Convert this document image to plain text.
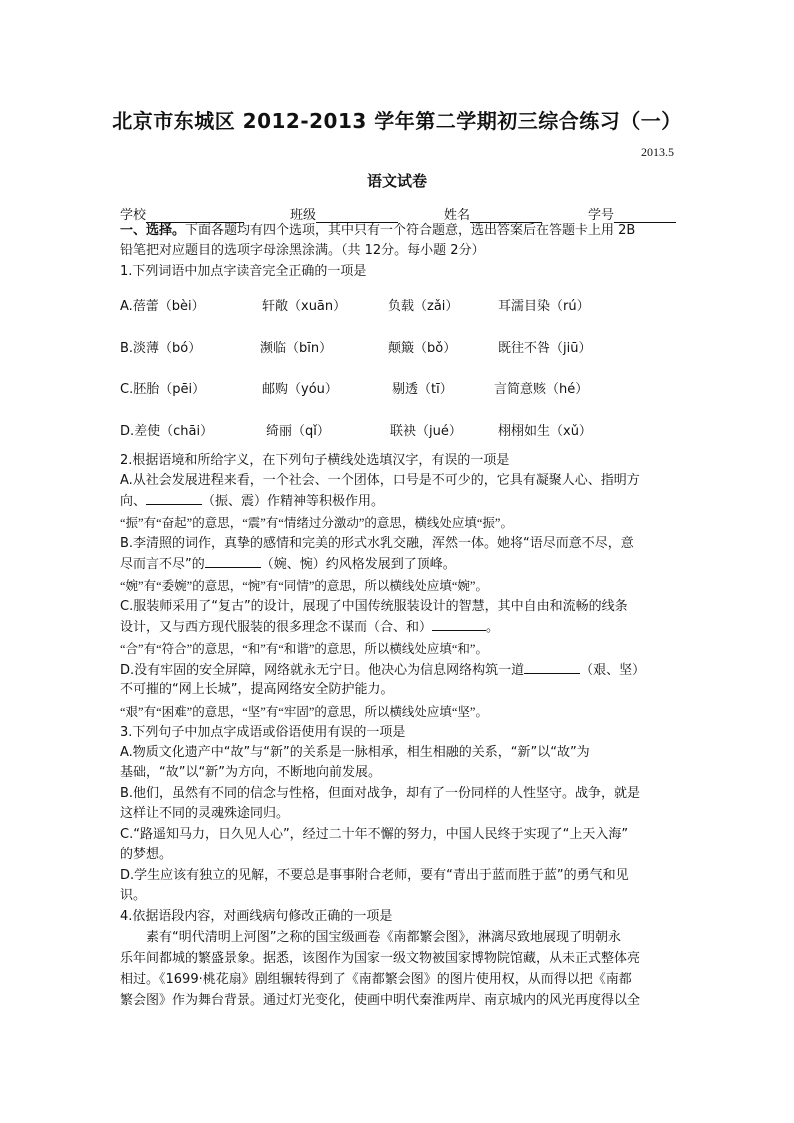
北京市东城区 2012-2013 学年第二学期初三综合练习（一）
2013.5
语文试卷
学校	班级	姓名	学号
一、选择。下面各题均有四个选项，其中只有一个符合题意，选出答案后在答题卡上用 2B
铅笔把对应题目的选项字母涂黑涂满。（共 12分。每小题 2分）
1.下列词语中加点字读音完全正确的一项是
A.蓓蕾（bèi）	轩敞（xuān）	负载（zǎi）	耳濡目染（rú）
B.淡薄（bó）	濒临（bīn）	颠簸（bǒ）	既往不咎（jiū）
C.胚胎（pēi）	邮购（yóu）	剔透（tī）	言简意赅（hé）
D.差使（chāi）	绮丽（qǐ）	联袂（jué）	栩栩如生（xǔ）
2.根据语境和所给字义，在下列句子横线处选填汉字，有误的一项是
A.从社会发展进程来看，一个社会、一个团体，口号是不可少的，它具有凝聚人心、指明方
向、	（振、震）作精神等积极作用。
“振”有“奋起”的意思，“震”有“情绪过分激动”的意思，横线处应填“振”。
B.李清照的词作，真挚的感情和完美的形式水乳交融，浑然一体。她将“语尽而意不尽，意
尽而言不尽”的	（婉、惋）约风格发展到了顶峰。
“婉”有“委婉”的意思，“惋”有“同情”的意思，所以横线处应填“婉”。
C.服装师采用了“复古”的设计，展现了中国传统服装设计的智慧，其中自由和流畅的线条
设计，又与西方现代服装的很多理念不谋而（合、和）	。
“合”有“符合”的意思，“和”有“和谐”的意思，所以横线处应填“和”。
D.没有牢固的安全屏障，网络就永无宁日。他决心为信息网络构筑一道	（艰、坚）
不可摧的“网上长城”，提高网络安全防护能力。
“艰”有“困难”的意思，“坚”有“牢固”的意思，所以横线处应填“坚”。
3.下列句子中加点字成语或俗语使用有误的一项是
A.物质文化遗产中“故”与“新”的关系是一脉相承，相生相融的关系，“新”以“故”为
基础，“故”以“新”为方向，不断地向前发展。
B.他们，虽然有不同的信念与性格，但面对战争，却有了一份同样的人性坚守。战争，就是
这样让不同的灵魂殊途同归。
C.“路遥知马力，日久见人心”，经过二十年不懈的努力，中国人民终于实现了“上天入海”
的梦想。
D.学生应该有独立的见解，不要总是事事附合老师，要有“青出于蓝而胜于蓝”的勇气和见
识。
4.依据语段内容，对画线病句修改正确的一项是
素有“明代清明上河图”之称的国宝级画卷《南都繁会图》，淋漓尽致地展现了明朝永
乐年间都城的繁盛景象。据悉，该图作为国家一级文物被国家博物院馆藏，从未正式整体亮
相过。《1699·桃花扇》剧组辗转得到了《南都繁会图》的图片使用权，从而得以把《南都
繁会图》作为舞台背景。通过灯光变化，使画中明代秦淮两岸、南京城内的风光再度得以全
